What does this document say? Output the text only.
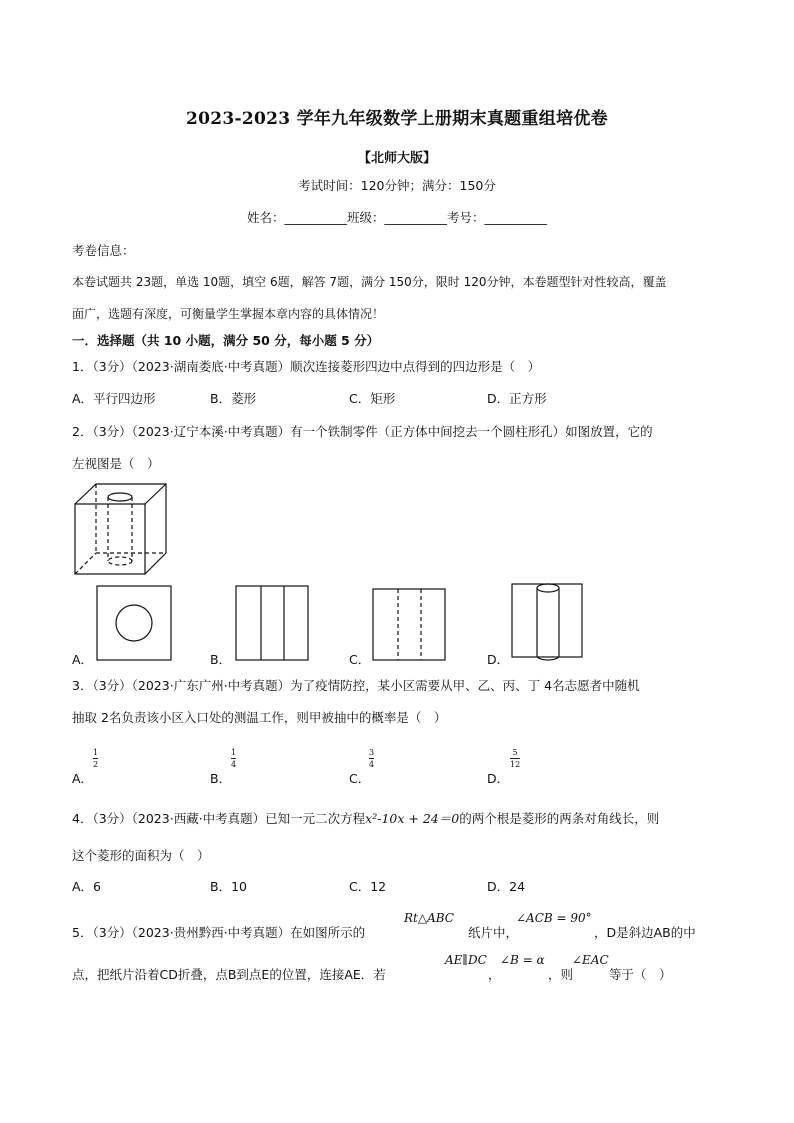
2023-2023 学年九年级数学上册期末真题重组培优卷
【北师大版】
考试时间：120分钟；满分：150分
姓名：__________班级：__________考号：__________
考卷信息：
本卷试题共 23题，单选 10题，填空 6题，解答 7题，满分 150分，限时 120分钟，本卷题型针对性较高，覆盖
面广，选题有深度，可衡量学生掌握本章内容的具体情况！
一．选择题（共 10 小题，满分 50 分，每小题 5 分）
1．（3分）（2023·湖南娄底·中考真题）顺次连接菱形四边中点得到的四边形是（　）
A．平行四边形	B．菱形	C．矩形	D．正方形
2．（3分）（2023·辽宁本溪·中考真题）有一个铁制零件（正方体中间挖去一个圆柱形孔）如图放置，它的
左视图是（　）
A．	B．	C．	D．
3．（3分）（2023·广东广州·中考真题）为了疫情防控，某小区需要从甲、乙、丙、丁 4名志愿者中随机
抽取 2名负责该小区入口处的测温工作，则甲被抽中的概率是（　）
1
2
1
4
3
4
5
12
A．	B．	C．	D．
4．（3分）（2023·西藏·中考真题）已知一元二次方程x²-10x + 24＝0的两个根是菱形的两条对角线长，则
这个菱形的面积为（　）
A．6	B．10	C．12	D．24
5．（3分）（2023·贵州黔西·中考真题）在如图所示的
Rt△ABC
纸片中，
∠ACB = 90°
，D是斜边AB的中
点，把纸片沿着CD折叠，点B到点E的位置，连接AE．若
AE∥DC
，
∠B = α
，则
∠EAC
等于（　）
